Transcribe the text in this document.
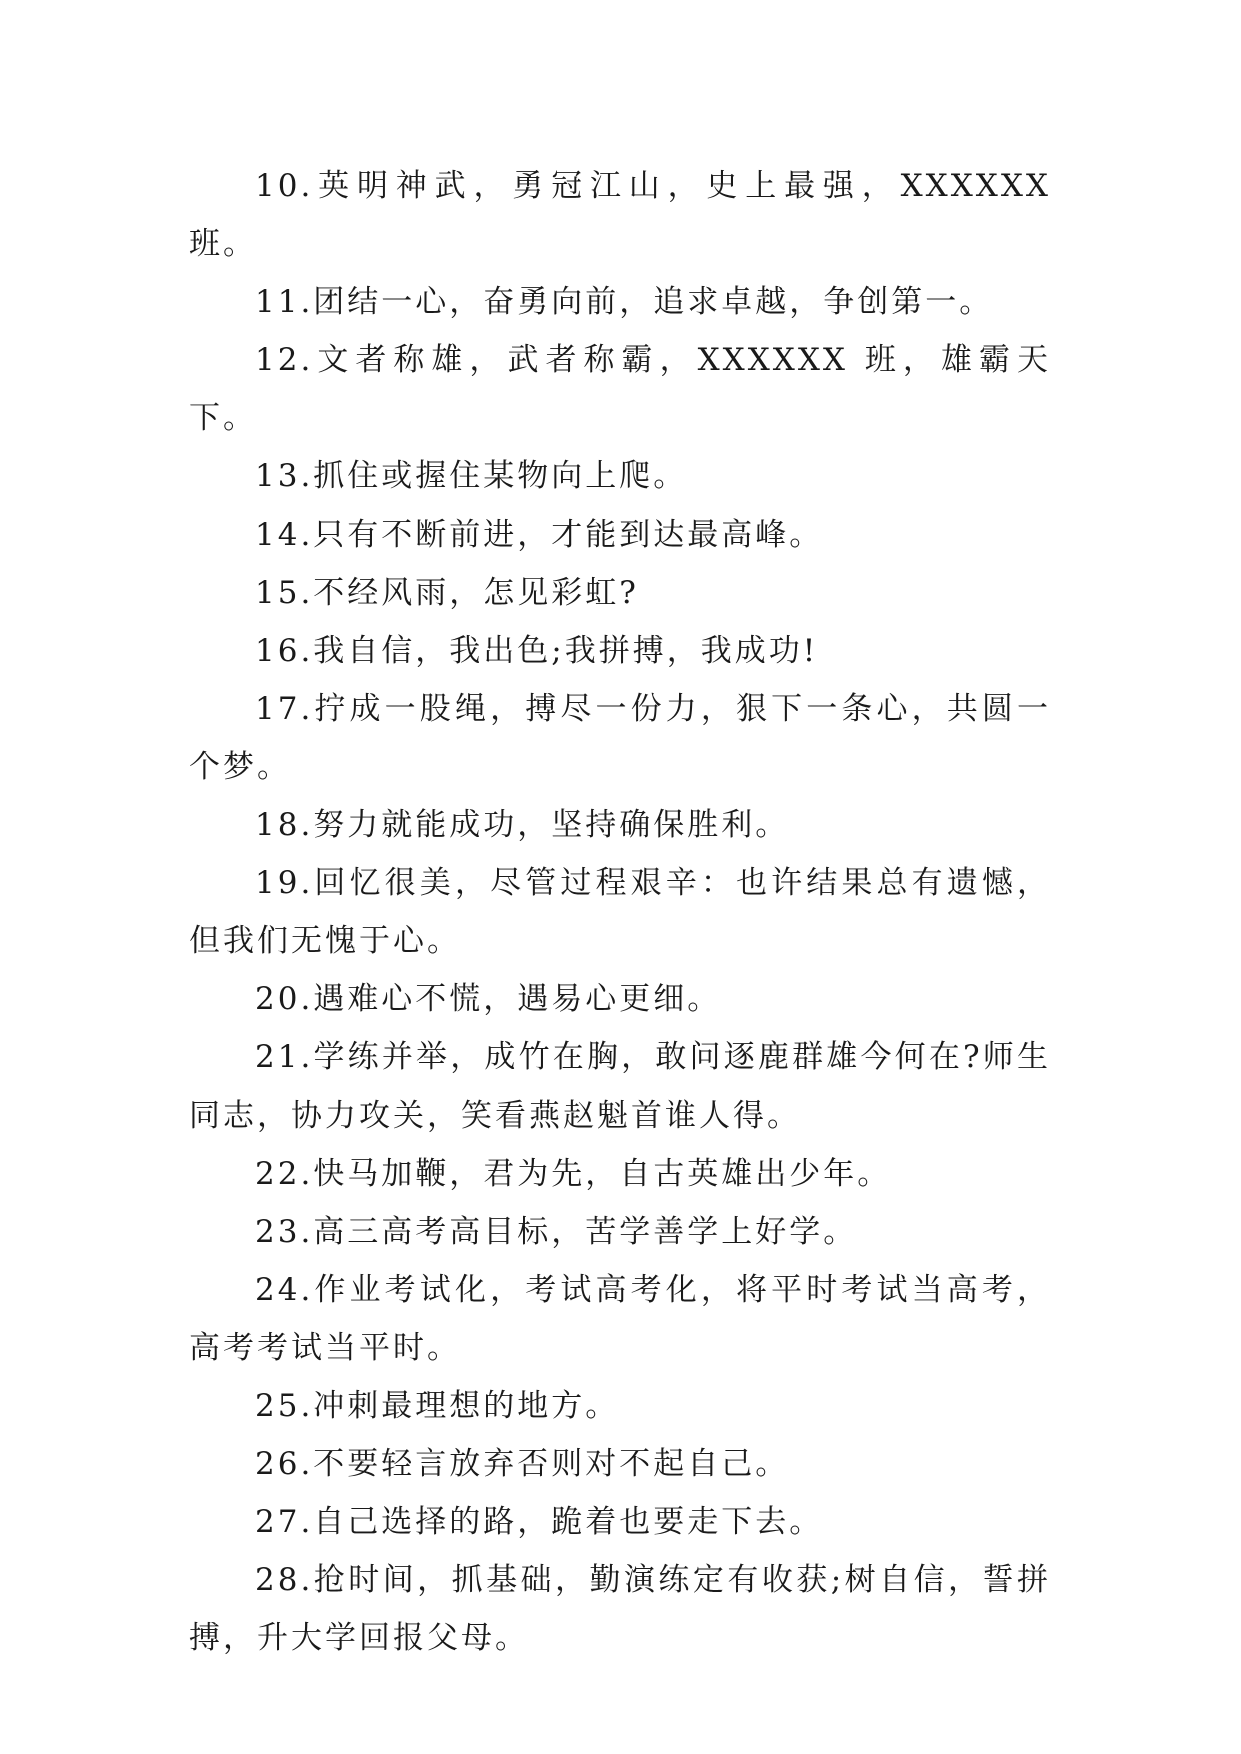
10.英明神武，勇冠江山，史上最强，XXXXXX 班。

11.团结一心，奋勇向前，追求卓越，争创第一。

12.文者称雄，武者称霸，XXXXXX 班，雄霸天下。

13.抓住或握住某物向上爬。

14.只有不断前进，才能到达最高峰。

15.不经风雨，怎见彩虹?

16.我自信，我出色;我拼搏，我成功!

17.拧成一股绳，搏尽一份力，狠下一条心，共圆一个梦。

18.努力就能成功，坚持确保胜利。

19.回忆很美，尽管过程艰辛：也许结果总有遗憾，但我们无愧于心。

20.遇难心不慌，遇易心更细。

21.学练并举，成竹在胸，敢问逐鹿群雄今何在?师生同志，协力攻关，笑看燕赵魁首谁人得。

22.快马加鞭，君为先，自古英雄出少年。

23.高三高考高目标，苦学善学上好学。

24.作业考试化，考试高考化，将平时考试当高考，高考考试当平时。

25.冲刺最理想的地方。

26.不要轻言放弃否则对不起自己。

27.自己选择的路，跪着也要走下去。

28.抢时间，抓基础，勤演练定有收获;树自信，誓拼搏，升大学回报父母。
